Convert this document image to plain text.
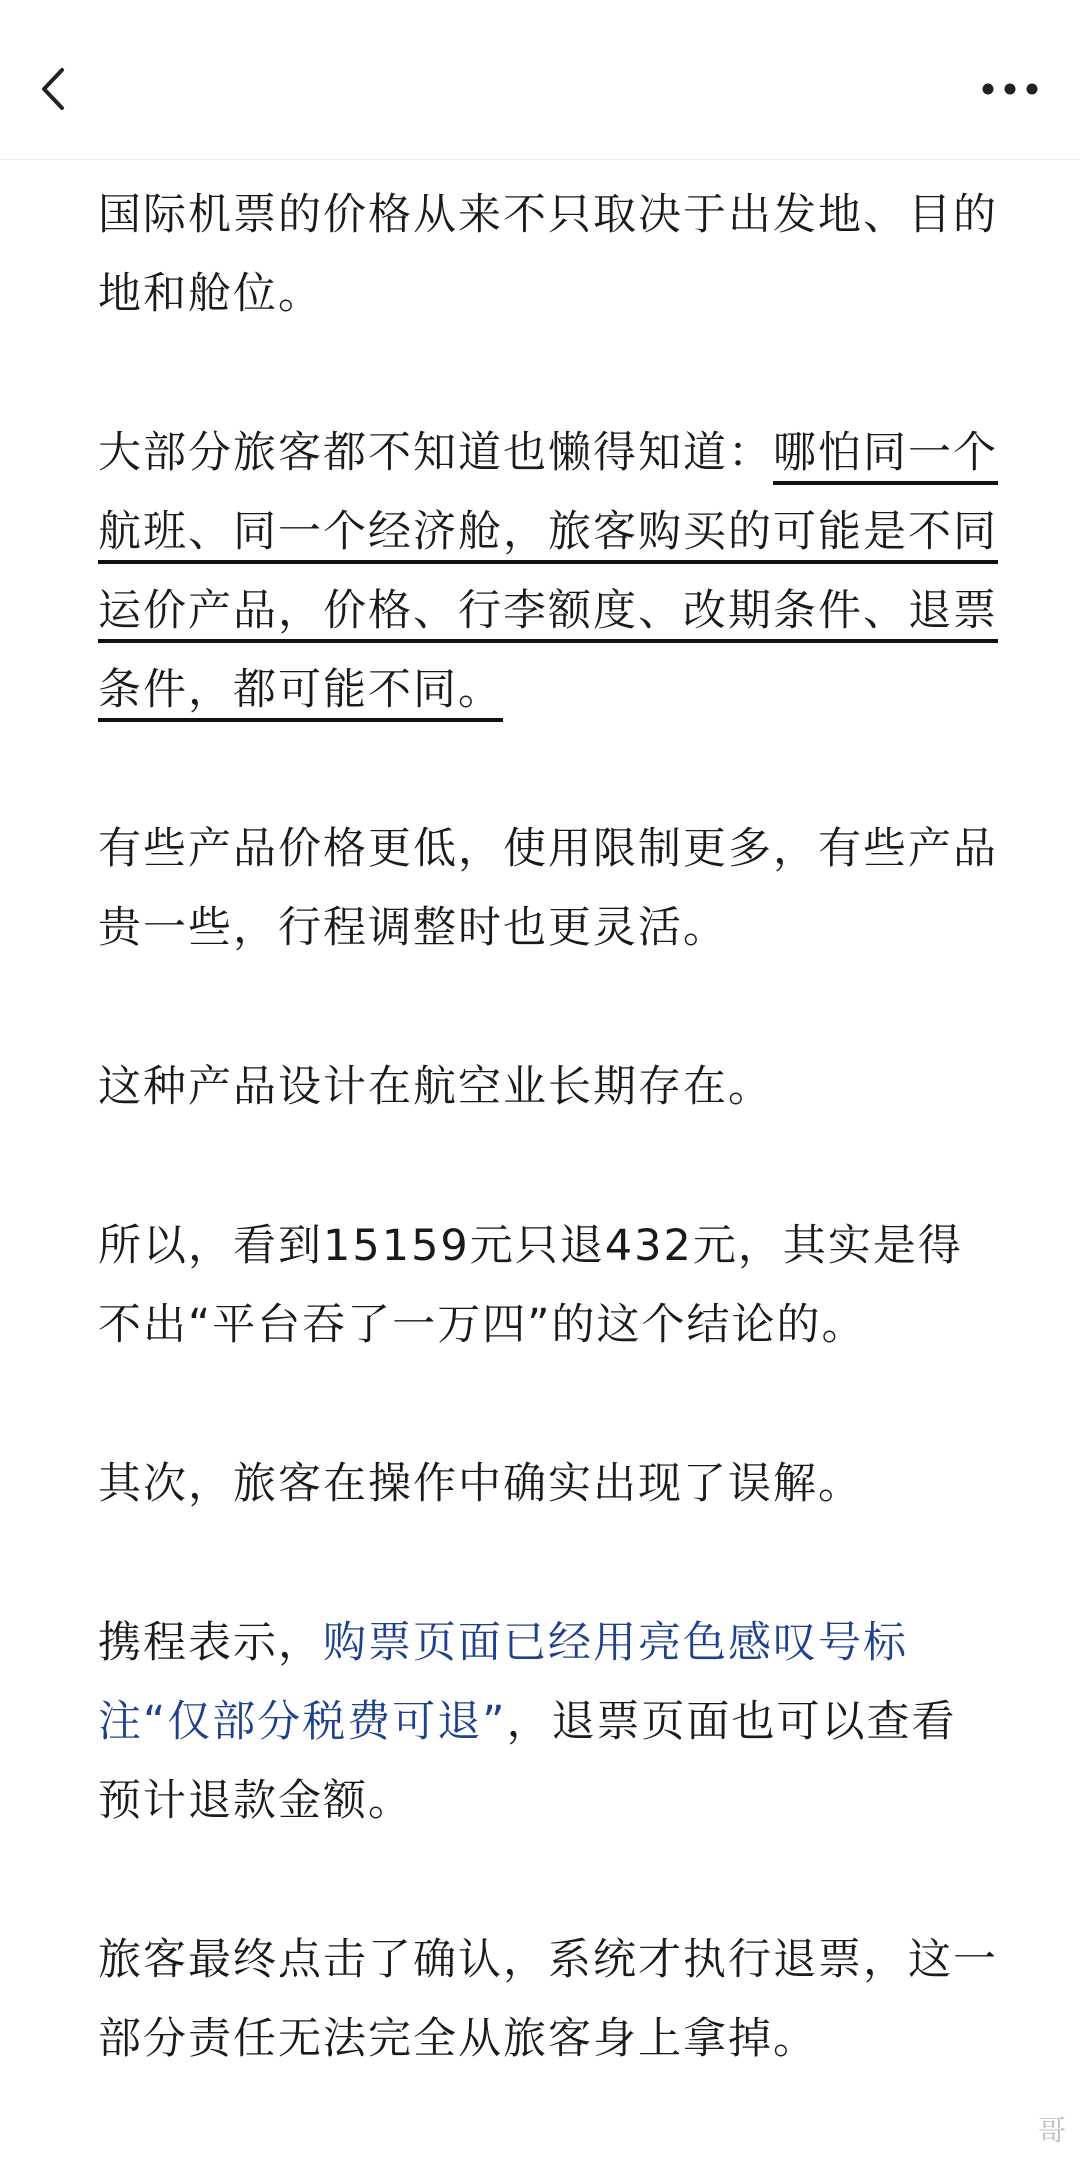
国际机票的价格从来不只取决于出发地、目的地和舱位。

大部分旅客都不知道也懒得知道：哪怕同一个航班、同一个经济舱，旅客购买的可能是不同运价产品，价格、行李额度、改期条件、退票条件，都可能不同。

有些产品价格更低，使用限制更多，有些产品贵一些，行程调整时也更灵活。

这种产品设计在航空业长期存在。

所以，看到15159元只退432元，其实是得不出“平台吞了一万四”的这个结论的。

其次，旅客在操作中确实出现了误解。

携程表示，购票页面已经用亮色感叹号标注“仅部分税费可退”，退票页面也可以查看预计退款金额。

旅客最终点击了确认，系统才执行退票，这一部分责任无法完全从旅客身上拿掉。

哥
